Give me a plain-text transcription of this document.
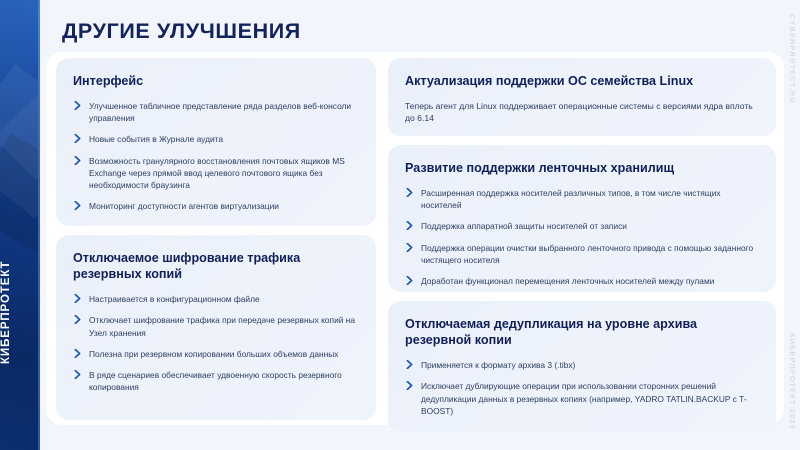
КИБЕРПРОТЕКТ
ДРУГИЕ УЛУЧШЕНИЯ
Интерфейс
Улучшенное табличное представление ряда разделов веб-консоли управления
Новые события в Журнале аудита
Возможность гранулярного восстановления почтовых ящиков MS Exchange через прямой ввод целевого почтового ящика без необходимости браузинга
Мониторинг доступности агентов виртуализации
Отключаемое шифрование трафика резервных копий
Настраивается в конфигурационном файле
Отключает шифрование трафика при передаче резервных копий на Узел хранения
Полезна при резервном копировании больших объемов данных
В ряде сценариев обеспечивает удвоенную скорость резервного копирования
Актуализация поддержки ОС семейства Linux

Теперь агент для Linux поддерживает операционные системы с версиями ядра вплоть до 6.14

Развитие поддержки ленточных хранилищ
Расширенная поддержка носителей различных типов, в том числе чистящих носителей
Поддержка аппаратной защиты носителей от записи
Поддержка операции очистки выбранного ленточного привода с помощью заданного чистящего носителя
Доработан функционал перемещения ленточных носителей между пулами
Отключаемая дедупликация на уровне архива резервной копии
Применяется к формату архива 3 (.tibx)
Исключает дублирующие операции при использовании сторонних решений дедупликации данных в резервных копиях (например, YADRO TATLIN.BACKUP с T-BOOST)
CYBERPROTECT.RU
КИБЕРПРОТЕКТ 2025
